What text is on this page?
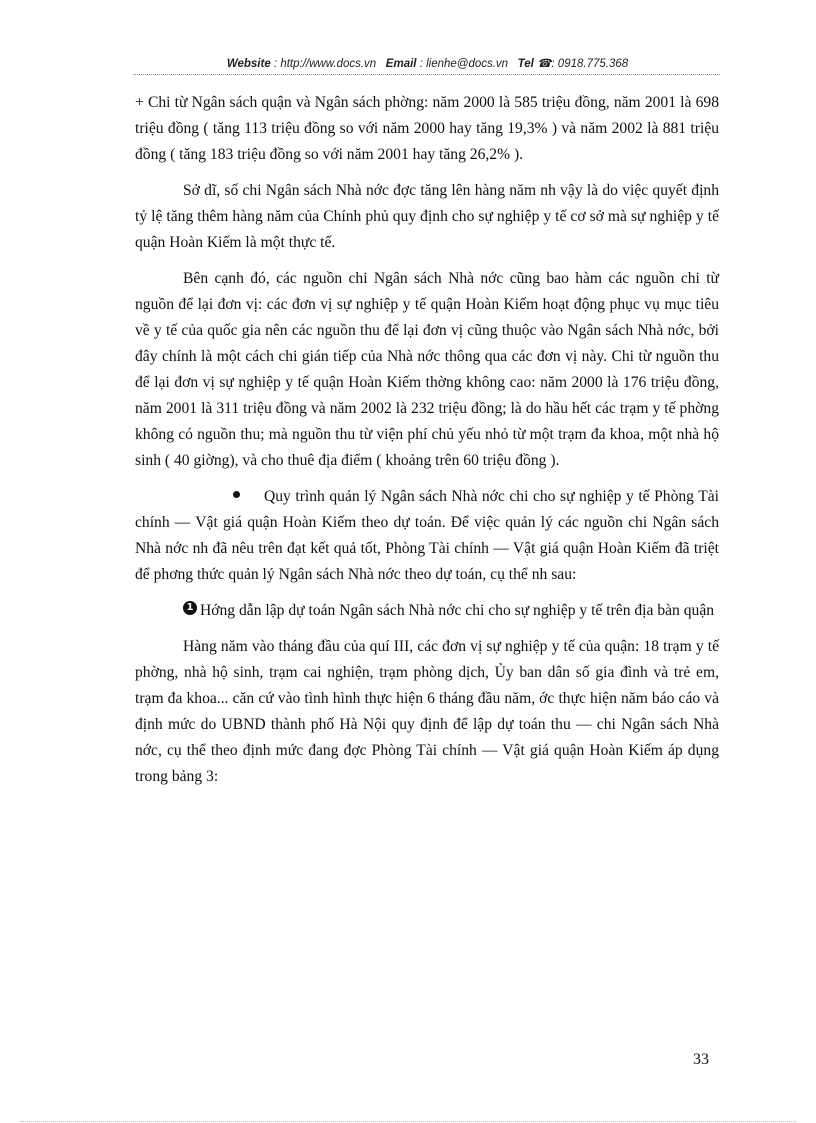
Website : http://www.docs.vn Email : lienhe@docs.vn Tel ☎: 0918.775.368

+ Chi từ Ngân sách quận và Ngân sách phờng: năm 2000 là 585 triệu đồng, năm 2001 là 698 triệu đồng ( tăng 113 triệu đồng so với năm 2000 hay tăng 19,3% ) và năm 2002 là 881 triệu đồng ( tăng 183 triệu đồng so với năm 2001 hay tăng 26,2% ).

Sở dĩ, số chi Ngân sách Nhà nớc đợc tăng lên hàng năm nh vậy là do việc quyết định tỷ lệ tăng thêm hàng năm của Chính phủ quy định cho sự nghiệp y tế cơ sở mà sự nghiệp y tế quận Hoàn Kiếm là một thực tế.

Bên cạnh đó, các nguồn chi Ngân sách Nhà nớc cũng bao hàm các nguồn chi từ nguồn để lại đơn vị: các đơn vị sự nghiệp y tế quận Hoàn Kiếm hoạt động phục vụ mục tiêu về y tế của quốc gia nên các nguồn thu để lại đơn vị cũng thuộc vào Ngân sách Nhà nớc, bởi đây chính là một cách chi gián tiếp của Nhà nớc thông qua các đơn vị này. Chi từ nguồn thu để lại đơn vị sự nghiệp y tế quận Hoàn Kiếm thờng không cao: năm 2000 là 176 triệu đồng, năm 2001 là 311 triệu đồng và năm 2002 là 232 triệu đồng; là do hầu hết các trạm y tế phờng không có nguồn thu; mà nguồn thu từ viện phí chủ yếu nhỏ từ một trạm đa khoa, một nhà hộ sinh ( 40 giờng), và cho thuê địa điểm ( khoảng trên 60 triệu đồng ).

Quy trình quản lý Ngân sách Nhà nớc chi cho sự nghiệp y tế Phòng Tài chính — Vật giá quận Hoàn Kiếm theo dự toán. Để việc quản lý các nguồn chi Ngân sách Nhà nớc nh đã nêu trên đạt kết quả tốt, Phòng Tài chính — Vật giá quận Hoàn Kiếm đã triệt để phơng thức quản lý Ngân sách Nhà nớc theo dự toán, cụ thể nh sau:

1 Hớng dẫn lập dự toán Ngân sách Nhà nớc chi cho sự nghiệp y tế trên địa bàn quận

Hàng năm vào tháng đầu của quí III, các đơn vị sự nghiệp y tế của quận: 18 trạm y tế phờng, nhà hộ sinh, trạm cai nghiện, trạm phòng dịch, Ủy ban dân số gia đình và trẻ em, trạm đa khoa... căn cứ vào tình hình thực hiện 6 tháng đầu năm, ớc thực hiện năm báo cáo và định mức do UBND thành phố Hà Nội quy định để lập dự toán thu — chi Ngân sách Nhà nớc, cụ thể theo định mức đang đợc Phòng Tài chính — Vật giá quận Hoàn Kiếm áp dụng trong bảng 3:

33
